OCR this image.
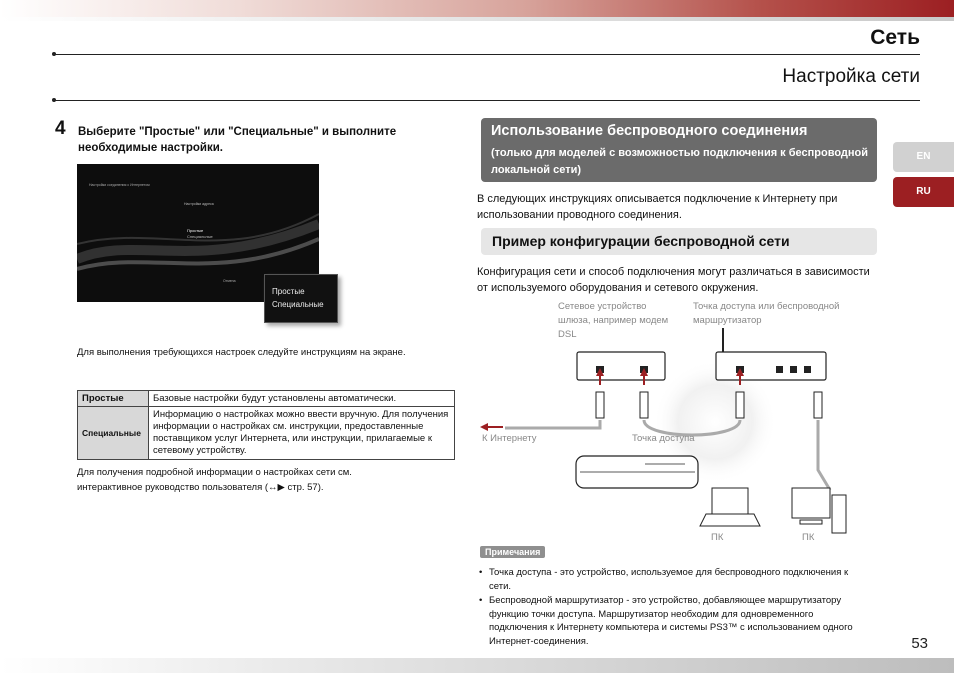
Сеть
Настройка сети
EN
RU
4 Выберите "Простые" или "Специальные" и выполните необходимые настройки.
Настройки соединения с Интернетом
Настройки адреса
Простые
Специальные
Отмена
Простые
Специальные
Для выполнения требующихся настроек следуйте инструкциям на экране.
Простые	Базовые настройки будут установлены автоматически.
Специальные	Информацию о настройках можно ввести вручную. Для получения информации о настройках см. инструкции, предоставленные поставщиком услуг Интернета, или инструкции, прилагаемые к сетевому устройству.
Для получения подробной информации о настройках сети см.
интерактивное руководство пользователя (↔▶ стр. 57).
Использование беспроводного соединения
(только для моделей с возможностью подключения к беспроводной локальной сети)
В следующих инструкциях описывается подключение к Интернету при использовании проводного соединения.
Пример конфигурации беспроводной сети
Конфигурация сети и способ подключения могут различаться в зависимости от используемого оборудования и сетевого окружения.
Сетевое устройство шлюза, например модем DSL
Точка доступа или беспроводной маршрутизатор
К Интернету	Точка доступа
ПК	ПК
Примечания
• Точка доступа - это устройство, используемое для беспроводного подключения к сети.
• Беспроводной маршрутизатор - это устройство, добавляющее маршрутизатору функцию точки доступа. Маршрутизатор необходим для одновременного подключения к Интернету компьютера и системы PS3™ с использованием одного Интернет-соединения.	53
